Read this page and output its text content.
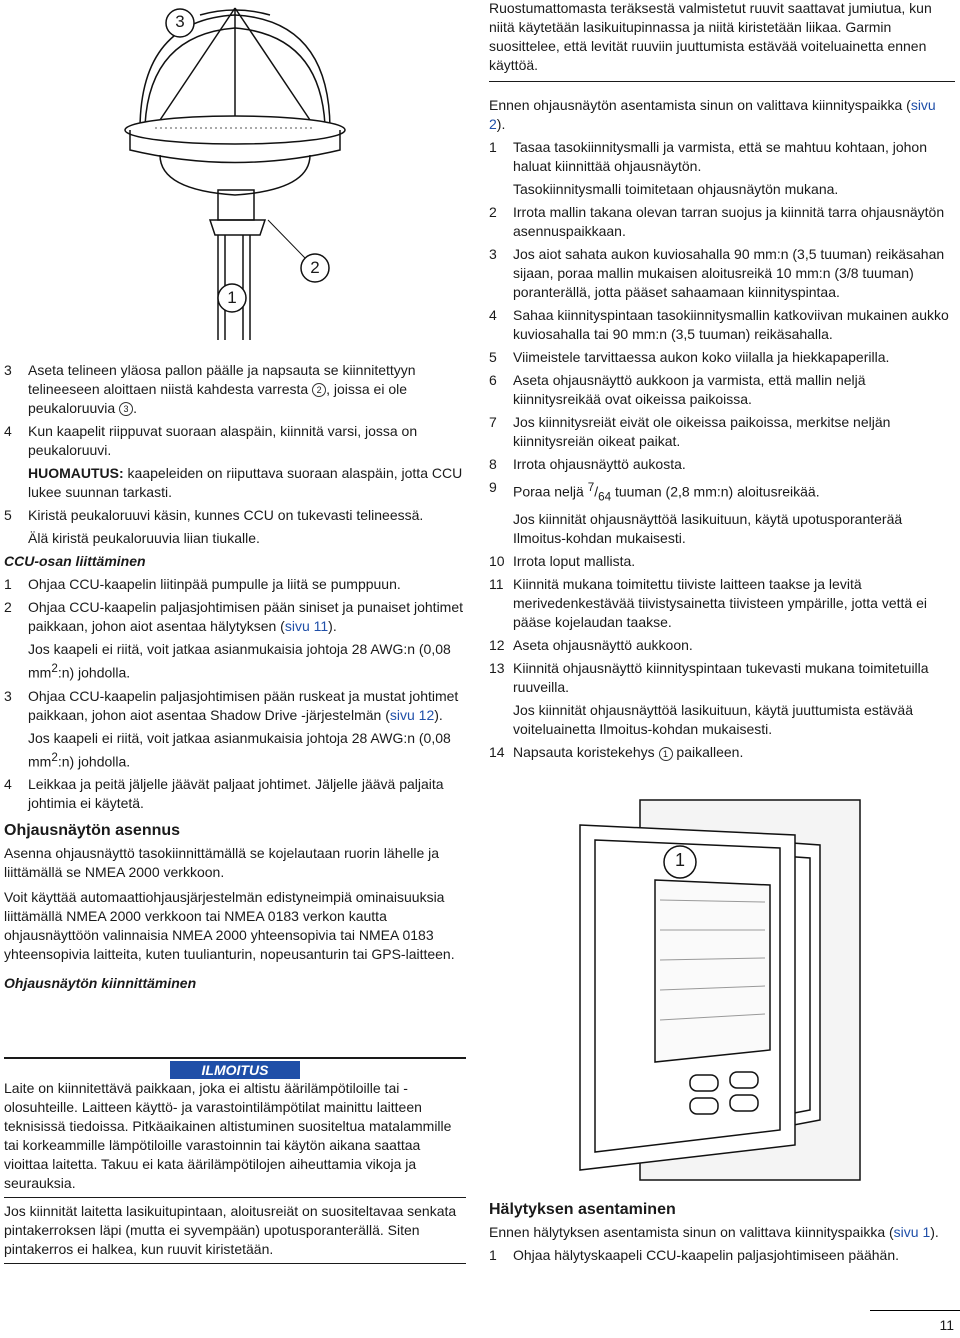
3
2
1
3	Aseta telineen yläosa pallon päälle ja napsauta se kiinnitettyyn telineeseen aloittaen niistä kahdesta varresta 2 , joissa ei ole peukaloruuvia 3 .
4	Kun kaapelit riippuvat suoraan alaspäin, kiinnitä varsi, jossa on peukaloruuvi.
HUOMAUTUS: kaapeleiden on riiputtava suoraan alaspäin, jotta CCU lukee suunnan tarkasti.
5	Kiristä peukaloruuvi käsin, kunnes CCU on tukevasti telineessä.
Älä kiristä peukaloruuvia liian tiukalle.
CCU-osan liittäminen
1	Ohjaa CCU-kaapelin liitinpää pumpulle ja liitä se pumppuun.
2	Ohjaa CCU-kaapelin paljasjohtimisen pään siniset ja punaiset johtimet paikkaan, johon aiot asentaa hälytyksen (sivu 11).
Jos kaapeli ei riitä, voit jatkaa asianmukaisia johtoja 28 AWG:n (0,08 $mm^2:n$) johdolla.
3	Ohjaa CCU-kaapelin paljasjohtimisen pään ruskeat ja mustat johtimet paikkaan, johon aiot asentaa Shadow Drive -järjestelmän (sivu 12).
Jos kaapeli ei riitä, voit jatkaa asianmukaisia johtoja 28 AWG:n (0,08 $mm^2:n$) johdolla.
4	Leikkaa ja peitä jäljelle jäävät paljaat johtimet. Jäljelle jäävä paljaita johtimia ei käytetä.
Ohjausnäytön asennus

Asenna ohjausnäyttö tasokiinnittämällä se kojelautaan ruorin lähelle ja liittämällä se NMEA 2000 verkkoon.

Voit käyttää automaattiohjausjärjestelmän edistyneimpiä ominaisuuksia liittämällä NMEA 2000 verkkoon tai NMEA 0183 verkon kautta ohjausnäyttöön valinnaisia NMEA 2000 yhteensopivia tai NMEA 0183 yhteensopivia laitteita, kuten tuulianturin, nopeusanturin tai GPS-laitteen.

Ohjausnäytön kiinnittäminen
ILMOITUS

Laite on kiinnitettävä paikkaan, joka ei altistu äärilämpötiloille tai -olosuhteille. Laitteen käyttö- ja varastointilämpötilat mainittu laitteen teknisissä tiedoissa. Pitkäaikainen altistuminen suositeltua matalammille tai korkeammille lämpötiloille varastoinnin tai käytön aikana saattaa vioittaa laitetta. Takuu ei kata äärilämpötilojen aiheuttamia vikoja ja seurauksia.

Jos kiinnität laitetta lasikuitupintaan, aloitusreiät on suositeltavaa senkata pintakerroksen läpi (mutta ei syvempään) upotusporanterällä. Siten pintakerros ei halkea, kun ruuvit kiristetään.

Ruostumattomasta teräksestä valmistetut ruuvit saattavat jumiutua, kun niitä käytetään lasikuitupinnassa ja niitä kiristetään liikaa. Garmin suosittelee, että levität ruuviin juuttumista estävää voiteluainetta ennen käyttöä.

Ennen ohjausnäytön asentamista sinun on valittava kiinnityspaikka (sivu 2).

1	Tasaa tasokiinnitysmalli ja varmista, että se mahtuu kohtaan, johon haluat kiinnittää ohjausnäytön.
Tasokiinnitysmalli toimitetaan ohjausnäytön mukana.
2	Irrota mallin takana olevan tarran suojus ja kiinnitä tarra ohjausnäytön asennuspaikkaan.
3	Jos aiot sahata aukon kuviosahalla 90 mm:n (3,5 tuuman) reikäsahan sijaan, poraa mallin mukaisen aloitusreikä 10 mm:n (3/8 tuuman) poranterällä, jotta pääset sahaamaan kiinnityspintaa.
4	Sahaa kiinnityspintaan tasokiinnitysmallin katkoviivan mukainen aukko kuviosahalla tai 90 mm:n (3,5 tuuman) reikäsahalla.
5	Viimeistele tarvittaessa aukon koko viilalla ja hiekkapaperilla.
6	Aseta ohjausnäyttö aukkoon ja varmista, että mallin neljä kiinnitysreikää ovat oikeissa paikoissa.
7	Jos kiinnitysreiät eivät ole oikeissa paikoissa, merkitse neljän kiinnitysreiän oikeat paikat.
8	Irrota ohjausnäyttö aukosta.
9	Poraa neljä $^7/_{64}$ tuuman (2,8 mm:n) aloitusreikää.
Jos kiinnität ohjausnäyttöä lasikuituun, käytä upotusporanterää Ilmoitus-kohdan mukaisesti.
10 Irrota loput mallista.
11 Kiinnitä mukana toimitettu tiiviste laitteen taakse ja levitä merivedenkestävää tiivistysainetta tiivisteen ympärille, jotta vettä ei pääse kojelaudan taakse.
12 Aseta ohjausnäyttö aukkoon.
13 Kiinnitä ohjausnäyttö kiinnityspintaan tukevasti mukana toimitetuilla ruuveilla.
Jos kiinnität ohjausnäyttöä lasikuituun, käytä juuttumista estävää voiteluainetta Ilmoitus-kohdan mukaisesti.
14 Napsauta koristekehys 1 paikalleen.
1
Hälytyksen asentaminen

Ennen hälytyksen asentamista sinun on valittava kiinnityspaikka (sivu 1).

1	Ohjaa hälytyskaapeli CCU-kaapelin paljasjohtimiseen päähän.
11
